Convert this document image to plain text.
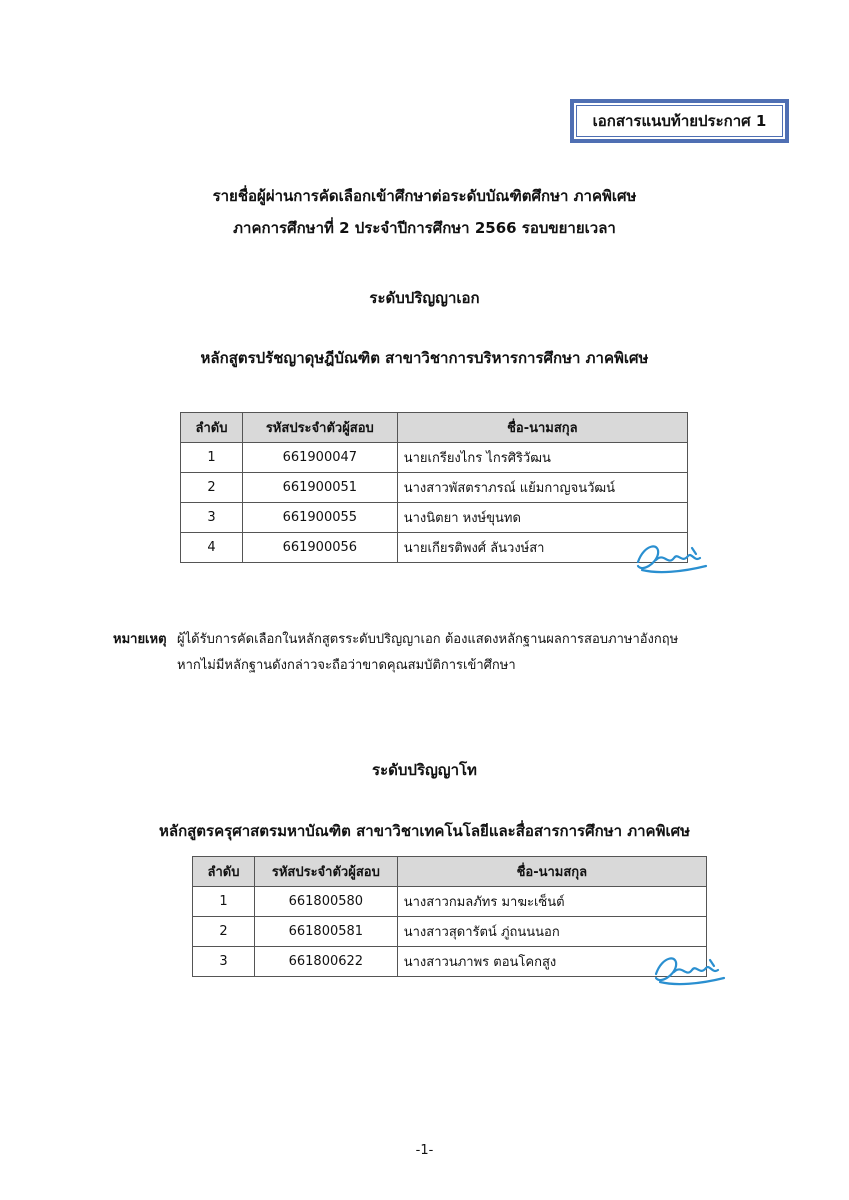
เอกสารแนบท้ายประกาศ 1
รายชื่อผู้ผ่านการคัดเลือกเข้าศึกษาต่อระดับบัณฑิตศึกษา ภาคพิเศษ
ภาคการศึกษาที่ 2 ประจำปีการศึกษา 2566 รอบขยายเวลา
ระดับปริญญาเอก
หลักสูตรปรัชญาดุษฎีบัณฑิต สาขาวิชาการบริหารการศึกษา ภาคพิเศษ
ลำดับ	รหัสประจำตัวผู้สอบ	ชื่อ-นามสกุล
1	661900047	นายเกรียงไกร ไกรศิริวัฒน
2	661900051	นางสาวพัสตราภรณ์ แย้มกาญจนวัฒน์
3	661900055	นางนิตยา หงษ์ขุนทด
4	661900056	นายเกียรติพงศ์ ลันวงษ์สา
หมายเหตุ ผู้ได้รับการคัดเลือกในหลักสูตรระดับปริญญาเอก ต้องแสดงหลักฐานผลการสอบภาษาอังกฤษ
หากไม่มีหลักฐานดังกล่าวจะถือว่าขาดคุณสมบัติการเข้าศึกษา
ระดับปริญญาโท
หลักสูตรครุศาสตรมหาบัณฑิต สาขาวิชาเทคโนโลยีและสื่อสารการศึกษา ภาคพิเศษ
ลำดับ	รหัสประจำตัวผู้สอบ	ชื่อ-นามสกุล
1	661800580	นางสาวกมลภัทร มาฆะเซ็นต์
2	661800581	นางสาวสุดารัตน์ ภู่ถนนนอก
3	661800622	นางสาวนภาพร ตอนโคกสูง
-1-
